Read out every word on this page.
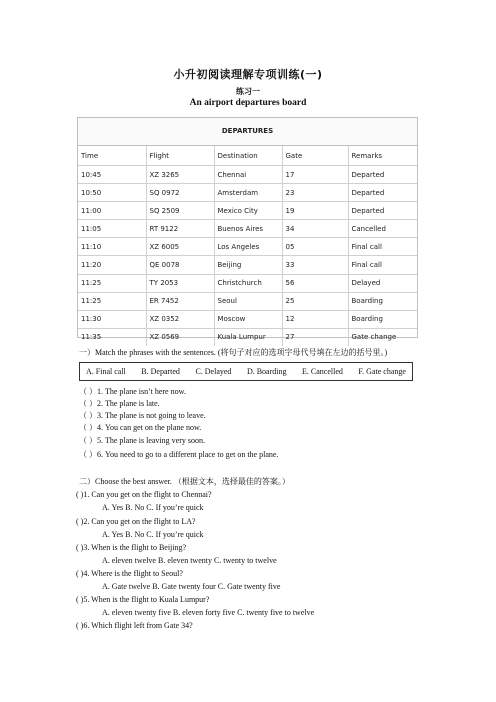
小升初阅读理解专项训练(一)
练习一
An airport departures board
DEPARTURES
Time	Flight	Destination	Gate	Remarks
10:45	XZ 3265	Chennai	17	Departed
10:50	SQ 0972	Amsterdam	23	Departed
11:00	SQ 2509	Mexico City	19	Departed
11:05	RT 9122	Buenos Aires	34	Cancelled
11:10	XZ 6005	Los Angeles	05	Final call
11:20	QE 0078	Beijing	33	Final call
11:25	TY 2053	Christchurch	56	Delayed
11:25	ER 7452	Seoul	25	Boarding
11:30	XZ 0352	Moscow	12	Boarding
11:35	XZ 0569	Kuala Lumpur	27	Gate change
一）Match the phrases with the sentences. (将句子对应的选项字母代号填在左边的括号里。)
A. Final call B. Departed C. Delayed D. Boarding E. Cancelled F. Gate change
（ ）1. The plane isn’t here now.
（ ）2. The plane is late.
（ ）3. The plane is not going to leave.
（ ）4. You can get on the plane now.
（ ）5. The plane is leaving very soon.
（ ）6. You need to go to a different place to get on the plane.
二）Choose the best answer. （根据文本，选择最佳的答案。）
( )1. Can you get on the flight to Chennai?
A. Yes B. No C. If you’re quick
( )2. Can you get on the flight to LA?
A. Yes B. No C. If you’re quick
( )3. When is the flight to Beijing?
A. eleven twelve B. eleven twenty C. twenty to twelve
( )4. Where is the flight to Seoul?
A. Gate twelve B. Gate twenty four C. Gate twenty five
( )5. When is the flight to Kuala Lumpur?
A. eleven twenty five B. eleven forty five C. twenty five to twelve
( )6. Which flight left from Gate 34?
